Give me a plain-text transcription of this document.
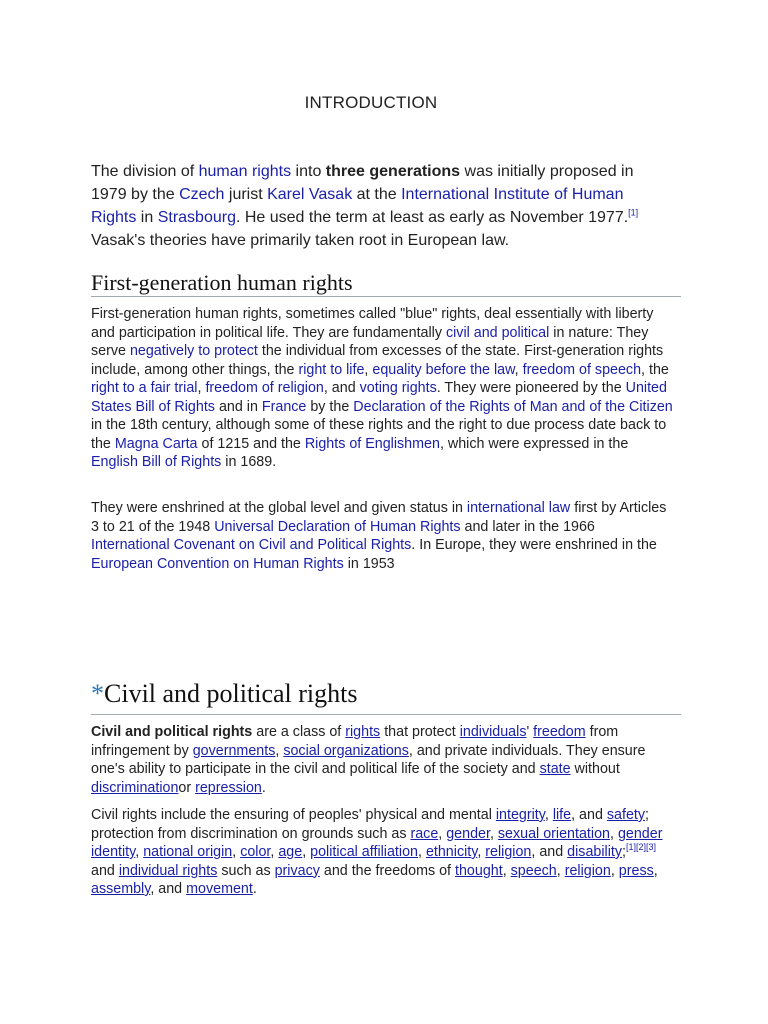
INTRODUCTION
The division of human rights into three generations was initially proposed in 1979 by the Czech jurist Karel Vasak at the International Institute of Human Rights in Strasbourg. He used the term at least as early as November 1977.[1] Vasak's theories have primarily taken root in European law.
First-generation human rights
First-generation human rights, sometimes called "blue" rights, deal essentially with liberty and participation in political life. They are fundamentally civil and political in nature: They serve negatively to protect the individual from excesses of the state. First-generation rights include, among other things, the right to life, equality before the law, freedom of speech, the right to a fair trial, freedom of religion, and voting rights. They were pioneered by the United States Bill of Rights and in France by the Declaration of the Rights of Man and of the Citizen in the 18th century, although some of these rights and the right to due process date back to the Magna Carta of 1215 and the Rights of Englishmen, which were expressed in the English Bill of Rights in 1689.
They were enshrined at the global level and given status in international law first by Articles 3 to 21 of the 1948 Universal Declaration of Human Rights and later in the 1966 International Covenant on Civil and Political Rights. In Europe, they were enshrined in the European Convention on Human Rights in 1953
*Civil and political rights
Civil and political rights are a class of rights that protect individuals' freedom from infringement by governments, social organizations, and private individuals. They ensure one's ability to participate in the civil and political life of the society and state without discriminationor repression.
Civil rights include the ensuring of peoples' physical and mental integrity, life, and safety; protection from discrimination on grounds such as race, gender, sexual orientation, gender identity, national origin, color, age, political affiliation, ethnicity, religion, and disability;[1][2][3] and individual rights such as privacy and the freedoms of thought, speech, religion, press, assembly, and movement.
